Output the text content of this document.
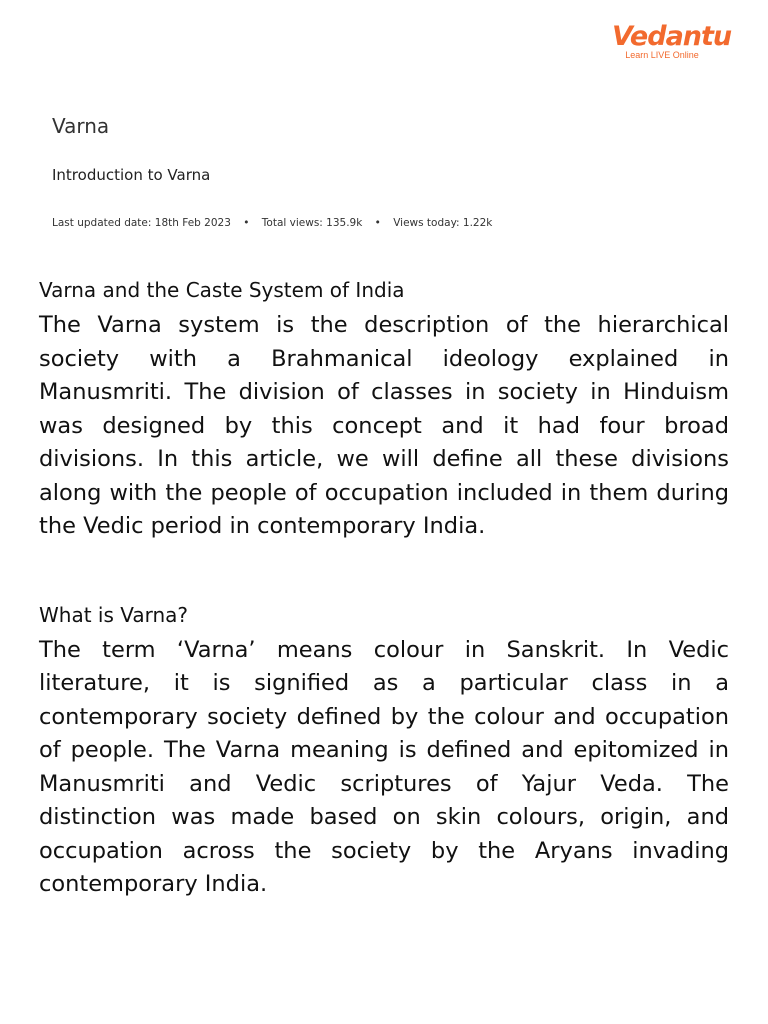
Vedantu
Learn LIVE Online
Varna
Introduction to Varna
Last updated date: 18th Feb 2023 • Total views: 135.9k • Views today: 1.22k
Varna and the Caste System of India

The Varna system is the description of the hierarchical society with a Brahmanical ideology explained in Manusmriti. The division of classes in society in Hinduism was designed by this concept and it had four broad divisions. In this article, we will define all these divisions along with the people of occupation included in them during the Vedic period in contemporary India.

What is Varna?

The term ‘Varna’ means colour in Sanskrit. In Vedic literature, it is signified as a particular class in a contemporary society defined by the colour and occupation of people. The Varna meaning is defined and epitomized in Manusmriti and Vedic scriptures of Yajur Veda. The distinction was made based on skin colours, origin, and occupation across the society by the Aryans invading contemporary India.
